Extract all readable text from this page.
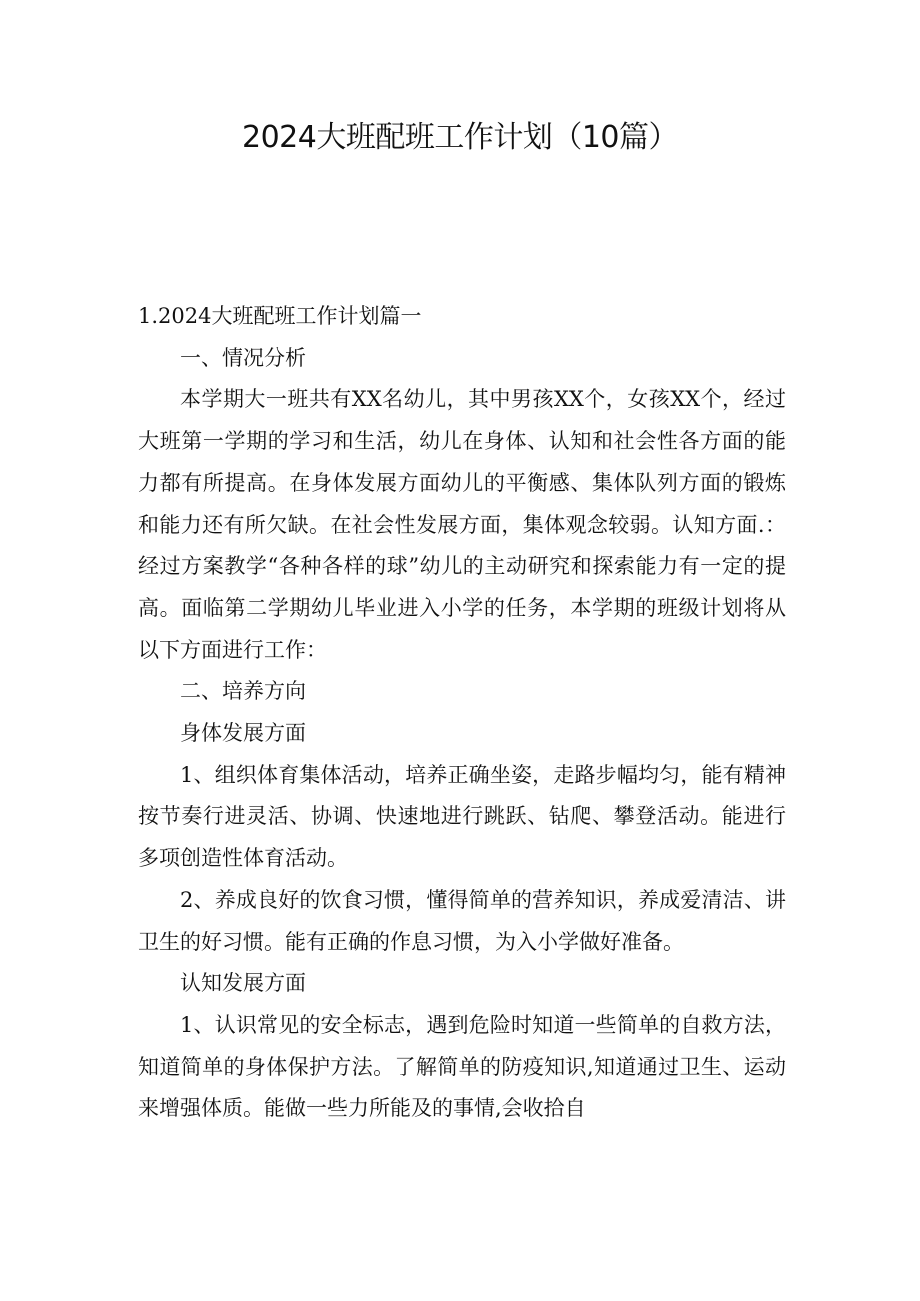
2024大班配班工作计划（10篇）

1.2024大班配班工作计划篇一

一、情况分析

本学期大一班共有XX名幼儿，其中男孩XX个，女孩XX个，经过大班第一学期的学习和生活，幼儿在身体、认知和社会性各方面的能力都有所提高。在身体发展方面幼儿的平衡感、集体队列方面的锻炼和能力还有所欠缺。在社会性发展方面，集体观念较弱。认知方面.：经过方案教学“各种各样的球”幼儿的主动研究和探索能力有一定的提高。面临第二学期幼儿毕业进入小学的任务，本学期的班级计划将从以下方面进行工作：

二、培养方向

身体发展方面

1、组织体育集体活动，培养正确坐姿，走路步幅均匀，能有精神按节奏行进灵活、协调、快速地进行跳跃、钻爬、攀登活动。能进行多项创造性体育活动。

2、养成良好的饮食习惯，懂得简单的营养知识，养成爱清洁、讲卫生的好习惯。能有正确的作息习惯，为入小学做好准备。

认知发展方面

1、认识常见的安全标志，遇到危险时知道一些简单的自救方法，知道简单的身体保护方法。了解简单的防疫知识,知道通过卫生、运动来增强体质。能做一些力所能及的事情,会收拾自
